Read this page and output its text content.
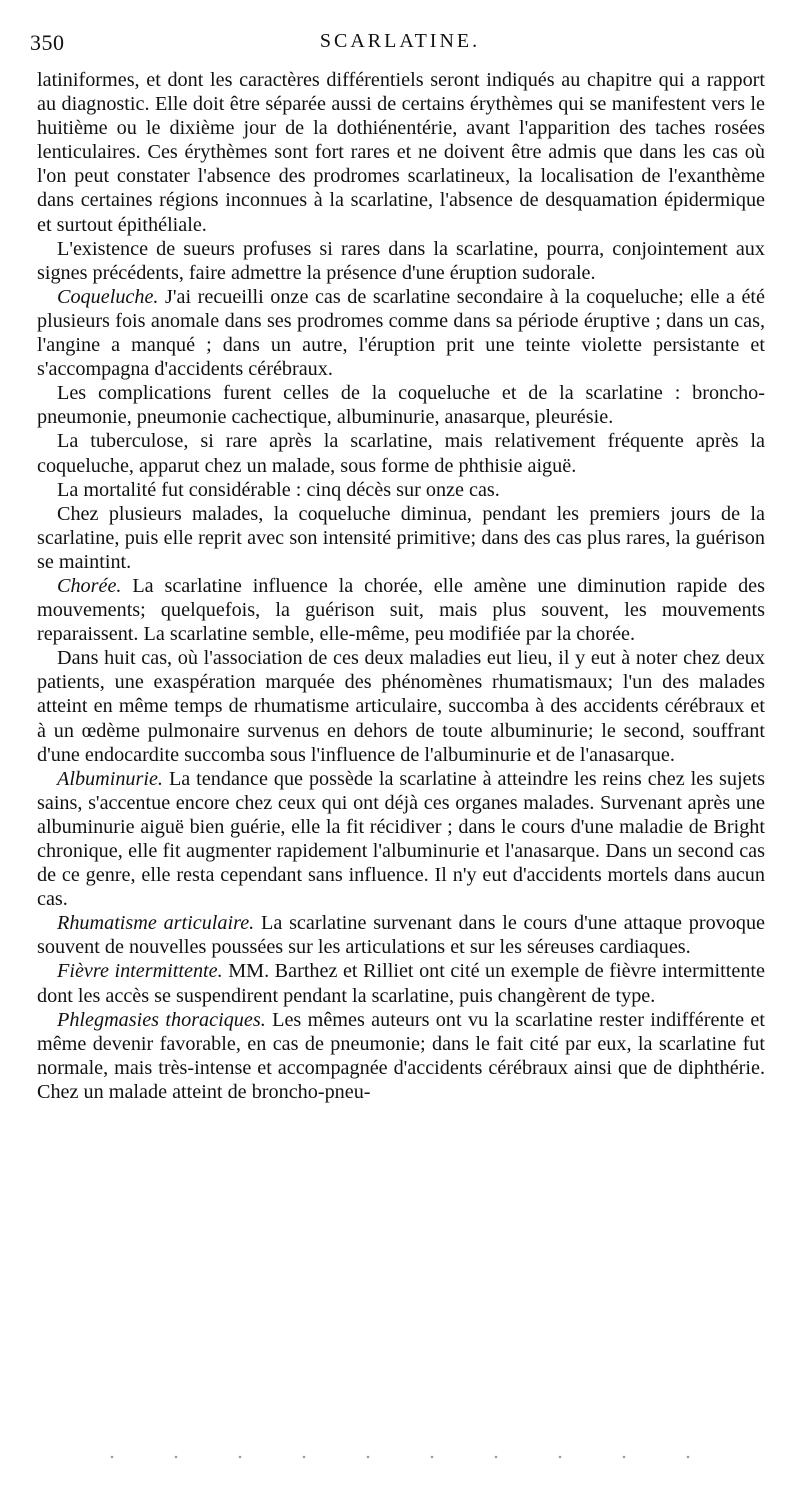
350	SCARLATINE.

latiniformes, et dont les caractères différentiels seront indiqués au chapitre qui a rapport au diagnostic. Elle doit être séparée aussi de certains érythèmes qui se manifestent vers le huitième ou le dixième jour de la dothiénentérie, avant l'apparition des taches rosées lenticulaires. Ces érythèmes sont fort rares et ne doivent être admis que dans les cas où l'on peut constater l'absence des prodromes scarlatineux, la localisation de l'exanthème dans certaines régions inconnues à la scarlatine, l'absence de desquamation épidermique et surtout épithéliale.

L'existence de sueurs profuses si rares dans la scarlatine, pourra, conjointement aux signes précédents, faire admettre la présence d'une éruption sudorale.

Coqueluche. J'ai recueilli onze cas de scarlatine secondaire à la coqueluche; elle a été plusieurs fois anomale dans ses prodromes comme dans sa période éruptive ; dans un cas, l'angine a manqué ; dans un autre, l'éruption prit une teinte violette persistante et s'accompagna d'accidents cérébraux.

Les complications furent celles de la coqueluche et de la scarlatine : broncho-pneumonie, pneumonie cachectique, albuminurie, anasarque, pleurésie.

La tuberculose, si rare après la scarlatine, mais relativement fréquente après la coqueluche, apparut chez un malade, sous forme de phthisie aiguë.

La mortalité fut considérable : cinq décès sur onze cas.

Chez plusieurs malades, la coqueluche diminua, pendant les premiers jours de la scarlatine, puis elle reprit avec son intensité primitive; dans des cas plus rares, la guérison se maintint.

Chorée. La scarlatine influence la chorée, elle amène une diminution rapide des mouvements; quelquefois, la guérison suit, mais plus souvent, les mouvements reparaissent. La scarlatine semble, elle-même, peu modifiée par la chorée.

Dans huit cas, où l'association de ces deux maladies eut lieu, il y eut à noter chez deux patients, une exaspération marquée des phénomènes rhumatismaux; l'un des malades atteint en même temps de rhumatisme articulaire, succomba à des accidents cérébraux et à un œdème pulmonaire survenus en dehors de toute albuminurie; le second, souffrant d'une endocardite succomba sous l'influence de l'albuminurie et de l'anasarque.

Albuminurie. La tendance que possède la scarlatine à atteindre les reins chez les sujets sains, s'accentue encore chez ceux qui ont déjà ces organes malades. Survenant après une albuminurie aiguë bien guérie, elle la fit récidiver ; dans le cours d'une maladie de Bright chronique, elle fit augmenter rapidement l'albuminurie et l'anasarque. Dans un second cas de ce genre, elle resta cependant sans influence. Il n'y eut d'accidents mortels dans aucun cas.

Rhumatisme articulaire. La scarlatine survenant dans le cours d'une attaque provoque souvent de nouvelles poussées sur les articulations et sur les séreuses cardiaques.

Fièvre intermittente. MM. Barthez et Rilliet ont cité un exemple de fièvre intermittente dont les accès se suspendirent pendant la scarlatine, puis changèrent de type.

Phlegmasies thoraciques. Les mêmes auteurs ont vu la scarlatine rester indifférente et même devenir favorable, en cas de pneumonie; dans le fait cité par eux, la scarlatine fut normale, mais très-intense et accompagnée d'accidents cérébraux ainsi que de diphthérie. Chez un malade atteint de broncho-pneu-
